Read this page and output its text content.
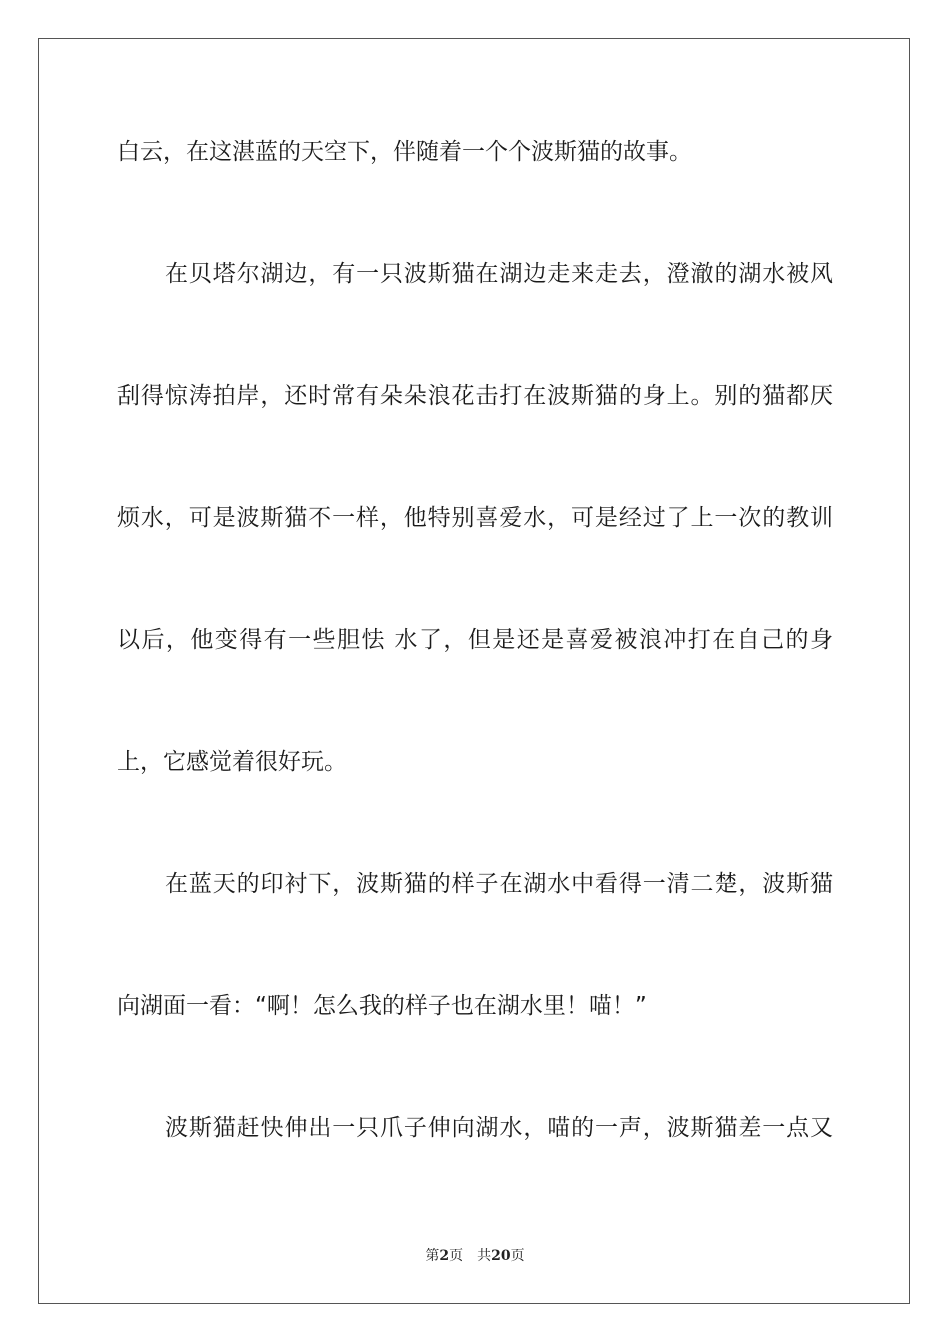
白云，在这湛蓝的天空下，伴随着一个个波斯猫的故事。
在贝塔尔湖边，有一只波斯猫在湖边走来走去，澄澈的湖水被风
刮得惊涛拍岸，还时常有朵朵浪花击打在波斯猫的身上。别的猫都厌
烦水，可是波斯猫不一样，他特别喜爱水，可是经过了上一次的教训
以后，他变得有一些胆怯 水了，但是还是喜爱被浪冲打在自己的身
上，它感觉着很好玩。
在蓝天的印衬下，波斯猫的样子在湖水中看得一清二楚，波斯猫
向湖面一看：“啊！怎么我的样子也在湖水里！喵！”
波斯猫赶快伸出一只爪子伸向湖水，喵的一声，波斯猫差一点又
第2页 共20页
